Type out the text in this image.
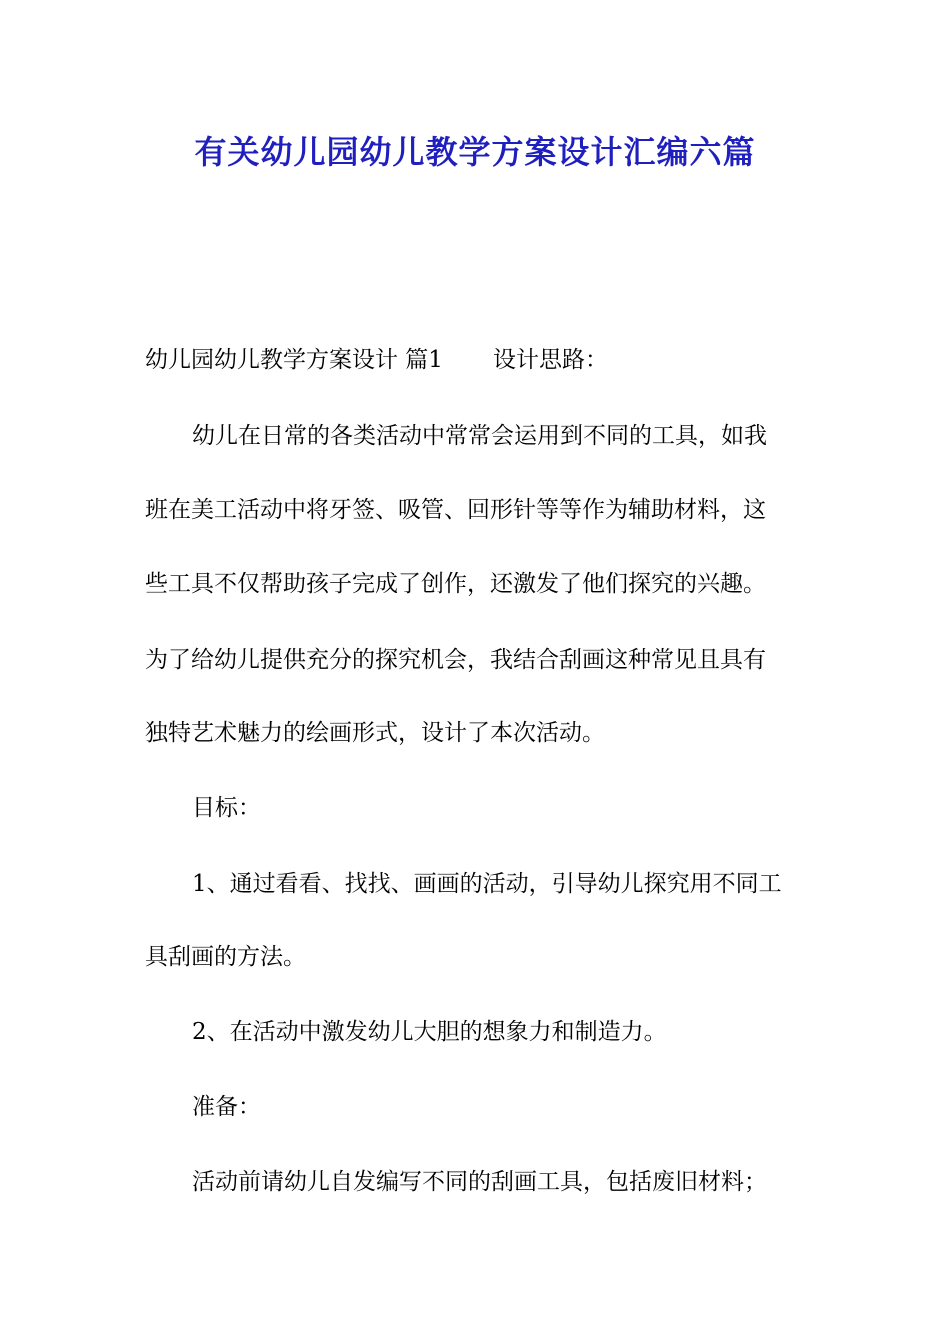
有关幼儿园幼儿教学方案设计汇编六篇

幼儿园幼儿教学方案设计 篇1 设计思路：

幼儿在日常的各类活动中常常会运用到不同的工具，如我

班在美工活动中将牙签、吸管、回形针等等作为辅助材料，这

些工具不仅帮助孩子完成了创作，还激发了他们探究的兴趣。

为了给幼儿提供充分的探究机会，我结合刮画这种常见且具有

独特艺术魅力的绘画形式，设计了本次活动。

目标：

1、通过看看、找找、画画的活动，引导幼儿探究用不同工

具刮画的方法。

2、在活动中激发幼儿大胆的想象力和制造力。

准备：

活动前请幼儿自发编写不同的刮画工具，包括废旧材料；
